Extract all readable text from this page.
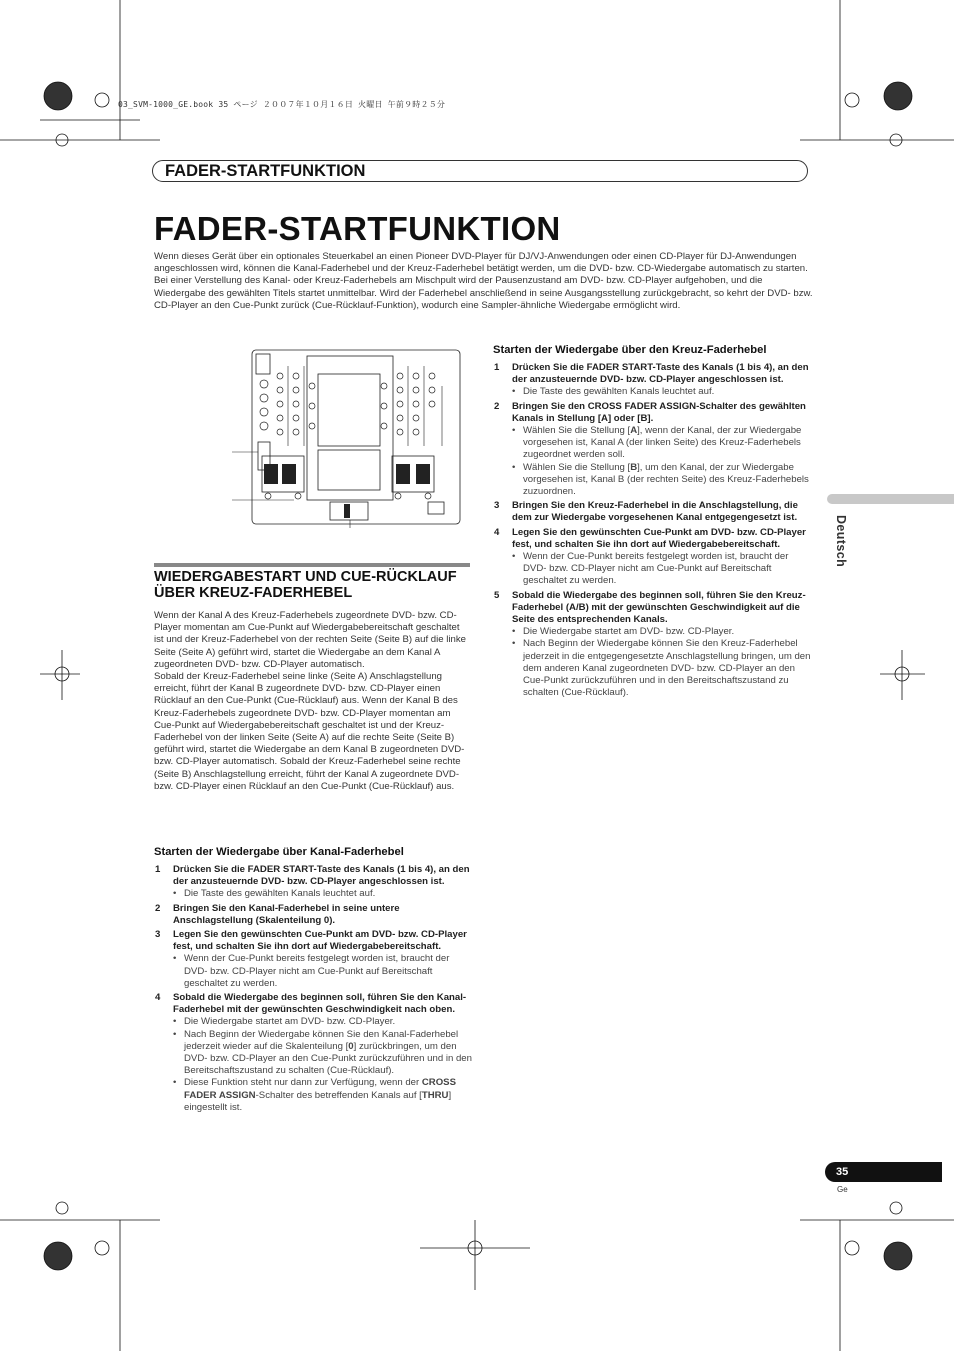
03_SVM-1000_GE.book 35 ページ ２００７年１０月１６日 火曜日 午前９時２５分
FADER-STARTFUNKTION
FADER-STARTFUNKTION

Wenn dieses Gerät über ein optionales Steuerkabel an einen Pioneer DVD-Player für DJ/VJ-Anwendungen oder einen CD-Player für DJ-Anwendungen angeschlossen wird, können die Kanal-Faderhebel und der Kreuz-Faderhebel betätigt werden, um die DVD- bzw. CD-Wiedergabe automatisch zu starten.

Bei einer Verstellung des Kanal- oder Kreuz-Faderhebels am Mischpult wird der Pausenzustand am DVD- bzw. CD-Player aufgehoben, und die Wiedergabe des gewählten Titels startet unmittelbar. Wird der Faderhebel anschließend in seine Ausgangsstellung zurückgebracht, so kehrt der DVD- bzw. CD-Player an den Cue-Punkt zurück (Cue-Rücklauf-Funktion), wodurch eine Sampler-ähnliche Wiedergabe ermöglicht wird.

Deutsch
WIEDERGABESTART UND CUE-RÜCKLAUF ÜBER KREUZ-FADERHEBEL

Wenn der Kanal A des Kreuz-Faderhebels zugeordnete DVD- bzw. CD-Player momentan am Cue-Punkt auf Wiedergabebereitschaft geschaltet ist und der Kreuz-Faderhebel von der rechten Seite (Seite B) auf die linke Seite (Seite A) geführt wird, startet die Wiedergabe an dem Kanal A zugeordneten DVD- bzw. CD-Player automatisch.

Sobald der Kreuz-Faderhebel seine linke (Seite A) Anschlagstellung erreicht, führt der Kanal B zugeordnete DVD- bzw. CD-Player einen Rücklauf an den Cue-Punkt (Cue-Rücklauf) aus. Wenn der Kanal B des Kreuz-Faderhebels zugeordnete DVD- bzw. CD-Player momentan am Cue-Punkt auf Wiedergabebereitschaft geschaltet ist und der Kreuz-Faderhebel von der linken Seite (Seite A) auf die rechte Seite (Seite B) geführt wird, startet die Wiedergabe an dem Kanal B zugeordneten DVD- bzw. CD-Player automatisch. Sobald der Kreuz-Faderhebel seine rechte (Seite B) Anschlagstellung erreicht, führt der Kanal A zugeordnete DVD- bzw. CD-Player einen Rücklauf an den Cue-Punkt (Cue-Rücklauf) aus.

Starten der Wiedergabe über Kanal-Faderhebel
1 Drücken Sie die FADER START-Taste des Kanals (1 bis 4), an den der anzusteuernde DVD- bzw. CD-Player angeschlossen ist.
• Die Taste des gewählten Kanals leuchtet auf.
2 Bringen Sie den Kanal-Faderhebel in seine untere Anschlagstellung (Skalenteilung 0).
3 Legen Sie den gewünschten Cue-Punkt am DVD- bzw. CD-Player fest, und schalten Sie ihn dort auf Wiedergabebereitschaft.
• Wenn der Cue-Punkt bereits festgelegt worden ist, braucht der DVD- bzw. CD-Player nicht am Cue-Punkt auf Bereitschaft geschaltet zu werden.
4 Sobald die Wiedergabe des beginnen soll, führen Sie den Kanal-Faderhebel mit der gewünschten Geschwindigkeit nach oben.
• Die Wiedergabe startet am DVD- bzw. CD-Player.
• Nach Beginn der Wiedergabe können Sie den Kanal-Faderhebel jederzeit wieder auf die Skalenteilung [0] zurückbringen, um den DVD- bzw. CD-Player an den Cue-Punkt zurückzuführen und in den Bereitschaftszustand zu schalten (Cue-Rücklauf).
• Diese Funktion steht nur dann zur Verfügung, wenn der CROSS FADER ASSIGN-Schalter des betreffenden Kanals auf [THRU] eingestellt ist.
Starten der Wiedergabe über den Kreuz-Faderhebel
1 Drücken Sie die FADER START-Taste des Kanals (1 bis 4), an den der anzusteuernde DVD- bzw. CD-Player angeschlossen ist.
• Die Taste des gewählten Kanals leuchtet auf.
2 Bringen Sie den CROSS FADER ASSIGN-Schalter des gewählten Kanals in Stellung [A] oder [B].
• Wählen Sie die Stellung [A], wenn der Kanal, der zur Wiedergabe vorgesehen ist, Kanal A (der linken Seite) des Kreuz-Faderhebels zugeordnet werden soll.
• Wählen Sie die Stellung [B], um den Kanal, der zur Wiedergabe vorgesehen ist, Kanal B (der rechten Seite) des Kreuz-Faderhebels zuzuordnen.
3 Bringen Sie den Kreuz-Faderhebel in die Anschlagstellung, die dem zur Wiedergabe vorgesehenen Kanal entgegengesetzt ist.
4 Legen Sie den gewünschten Cue-Punkt am DVD- bzw. CD-Player fest, und schalten Sie ihn dort auf Wiedergabebereitschaft.
• Wenn der Cue-Punkt bereits festgelegt worden ist, braucht der DVD- bzw. CD-Player nicht am Cue-Punkt auf Bereitschaft geschaltet zu werden.
5 Sobald die Wiedergabe des beginnen soll, führen Sie den Kreuz-Faderhebel (A/B) mit der gewünschten Geschwindigkeit auf die Seite des entsprechenden Kanals.
• Die Wiedergabe startet am DVD- bzw. CD-Player.
• Nach Beginn der Wiedergabe können Sie den Kreuz-Faderhebel jederzeit in die entgegengesetzte Anschlagstellung bringen, um den dem anderen Kanal zugeordneten DVD- bzw. CD-Player an den Cue-Punkt zurückzuführen und in den Bereitschaftszustand zu schalten (Cue-Rücklauf).
35
Ge
